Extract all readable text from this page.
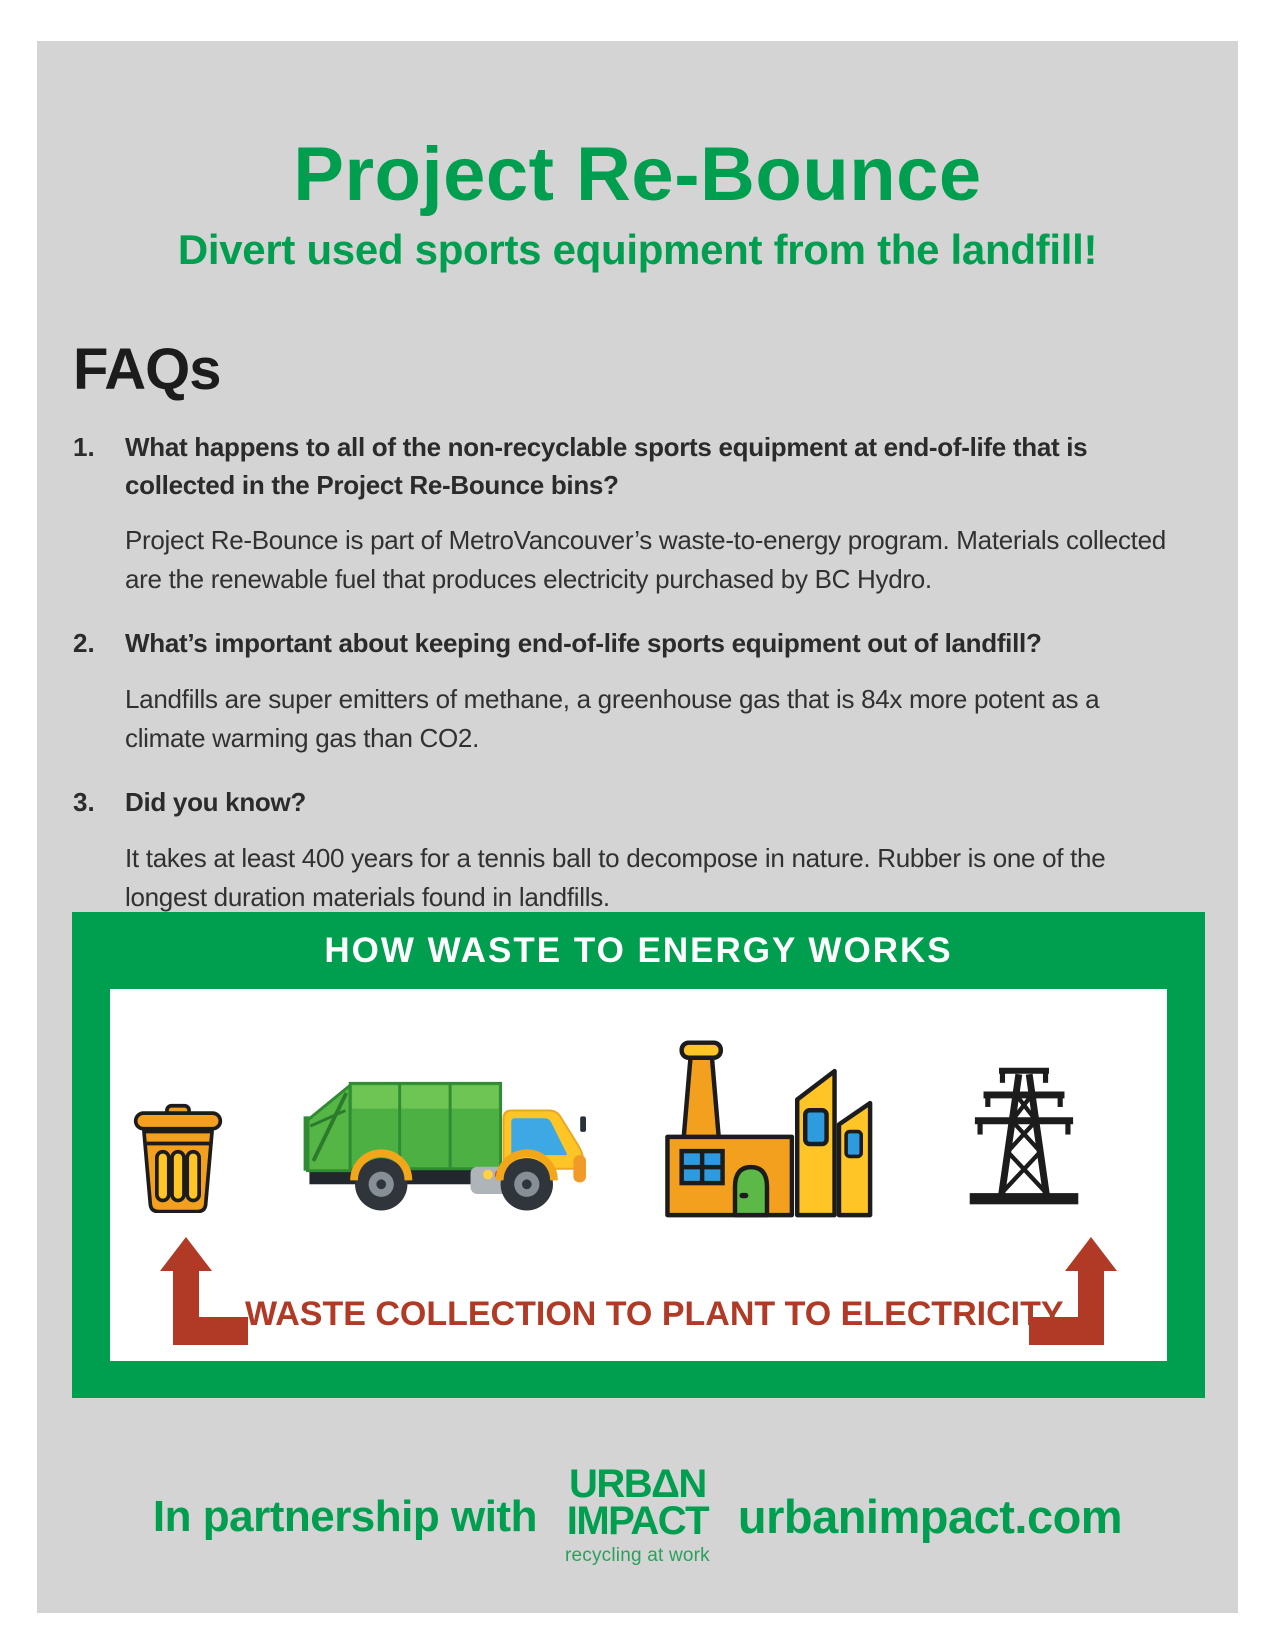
Project Re-Bounce
Divert used sports equipment from the landfill!
FAQs
1.	What happens to all of the non-recyclable sports equipment at end-of-life that is collected in the Project Re-Bounce bins?

Project Re-Bounce is part of MetroVancouver’s waste-to-energy program. Materials collected are the renewable fuel that produces electricity purchased by BC Hydro.

2.	What’s important about keeping end-of-life sports equipment out of landfill?

Landfills are super emitters of methane, a greenhouse gas that is 84x more potent as a climate warming gas than CO2.

3.	Did you know?

It takes at least 400 years for a tennis ball to decompose in nature. Rubber is one of the longest duration materials found in landfills.

HOW WASTE TO ENERGY WORKS
WASTE COLLECTION TO PLANT TO ELECTRICITY
In partnership with
URBΔN
IMPACT
recycling at work
urbanimpact.com
